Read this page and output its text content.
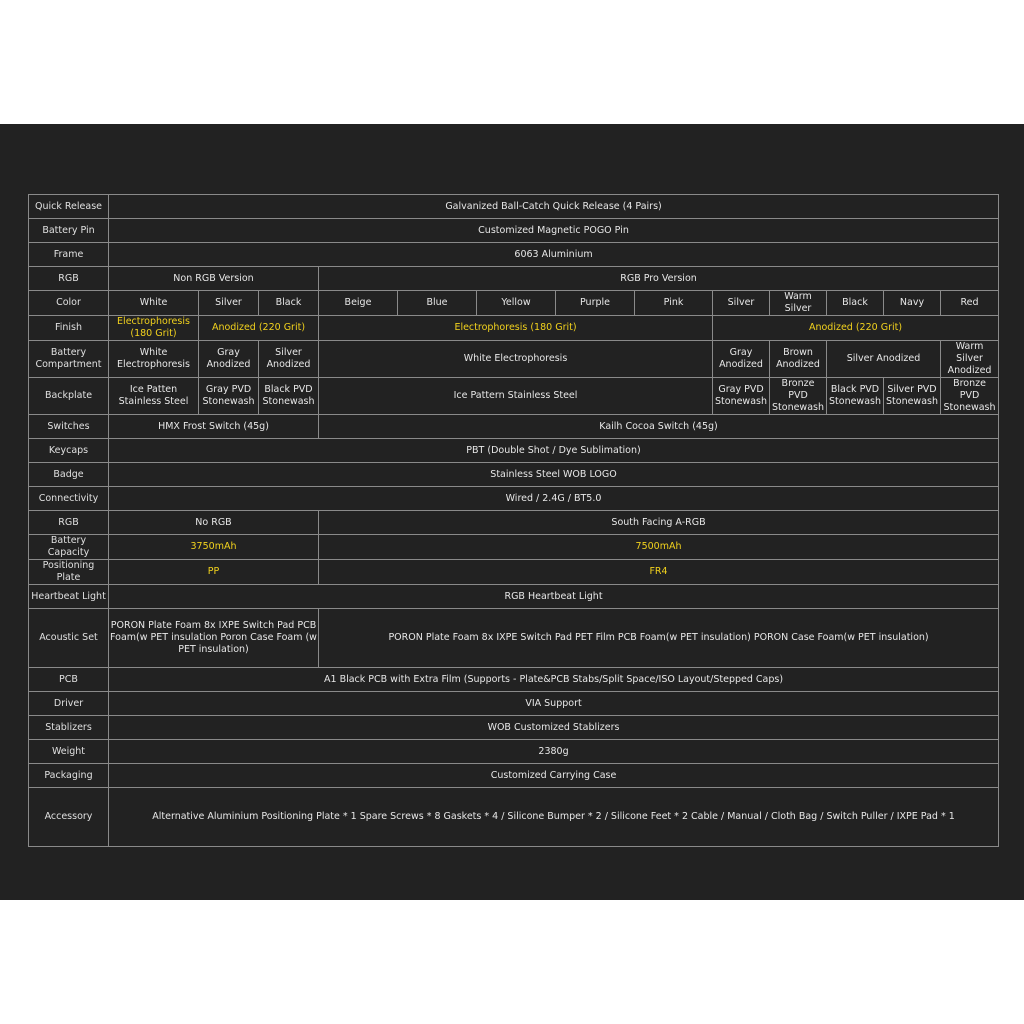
Quick Release	Galvanized Ball-Catch Quick Release (4 Pairs)												
Battery Pin	Customized Magnetic POGO Pin												
Frame	6063 Aluminium												
RGB	Non RGB Version			RGB Pro Version									
Color	White	Silver	Black	Beige	Blue	Yellow	Purple	Pink	Silver	Warm Silver	Black	Navy	Red
Finish	Electrophoresis (180 Grit)	Anodized (220 Grit)		Electrophoresis (180 Grit)					Anodized (220 Grit)				
Battery Compartment	White Electrophoresis	Gray Anodized	Silver Anodized	White Electrophoresis					Gray Anodized	Brown Anodized	Silver Anodized		Warm Silver Anodized
Backplate	Ice Patten Stainless Steel	Gray PVD Stonewash	Black PVD Stonewash	Ice Pattern Stainless Steel					Gray PVD Stonewash	Bronze PVD Stonewash	Black PVD Stonewash	Silver PVD Stonewash	Bronze PVD Stonewash
Switches	HMX Frost Switch (45g)			Kailh Cocoa Switch (45g)									
Keycaps	PBT (Double Shot / Dye Sublimation)												
Badge	Stainless Steel WOB LOGO												
Connectivity	Wired / 2.4G / BT5.0												
RGB	No RGB			South Facing A-RGB									
Battery Capacity	3750mAh			7500mAh									
Positioning Plate	PP			FR4									
Heartbeat Light	RGB Heartbeat Light												
Acoustic Set	PORON Plate Foam 8x IXPE Switch Pad PCB Foam(w PET insulation Poron Case Foam (w PET insulation)			PORON Plate Foam 8x IXPE Switch Pad PET Film PCB Foam(w PET insulation) PORON Case Foam(w PET insulation)									
PCB	A1 Black PCB with Extra Film (Supports - Plate&PCB Stabs/Split Space/ISO Layout/Stepped Caps)												
Driver	VIA Support												
Stablizers	WOB Customized Stablizers												
Weight	2380g												
Packaging	Customized Carrying Case												
Accessory	Alternative Aluminium Positioning Plate * 1 Spare Screws * 8 Gaskets * 4 / Silicone Bumper * 2 / Silicone Feet * 2 Cable / Manual / Cloth Bag / Switch Puller / IXPE Pad * 1												
